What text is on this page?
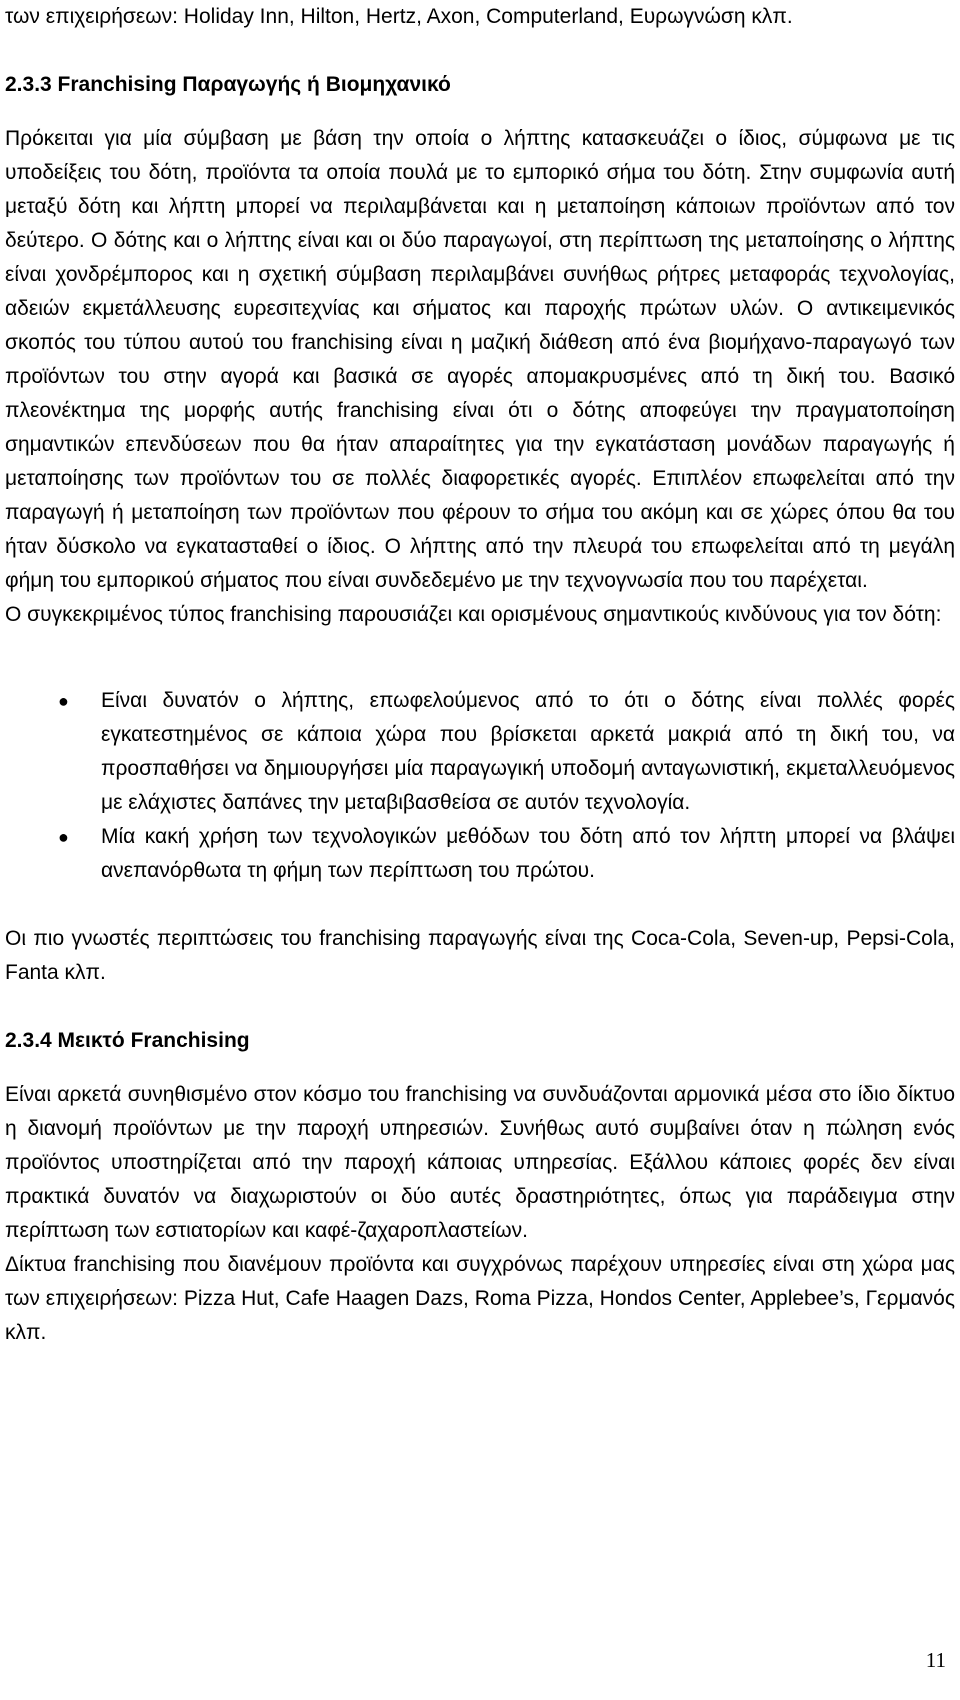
των επιχειρήσεων: Holiday Inn, Hilton, Hertz, Axon, Computerland, Ευρωγνώση κλπ.

2.3.3 Franchising Παραγωγής ή Βιομηχανικό

Πρόκειται για μία σύμβαση με βάση την οποία ο λήπτης κατασκευάζει ο ίδιος, σύμφωνα με τις υποδείξεις του δότη, προϊόντα τα οποία πουλά με το εμπορικό σήμα του δότη. Στην συμφωνία αυτή μεταξύ δότη και λήπτη μπορεί να περιλαμβάνεται και η μεταποίηση κάποιων προϊόντων από τον δεύτερο. Ο δότης και ο λήπτης είναι και οι δύο παραγωγοί, στη περίπτωση της μεταποίησης ο λήπτης είναι χονδρέμπορος και η σχετική σύμβαση περιλαμβάνει συνήθως ρήτρες μεταφοράς τεχνολογίας, αδειών εκμετάλλευσης ευρεσιτεχνίας και σήματος και παροχής πρώτων υλών. Ο αντικειμενικός σκοπός του τύπου αυτού του franchising είναι η μαζική διάθεση από ένα βιομήχανο-παραγωγό των προϊόντων του στην αγορά και βασικά σε αγορές απομακρυσμένες από τη δική του. Βασικό πλεονέκτημα της μορφής αυτής franchising είναι ότι ο δότης αποφεύγει την πραγματοποίηση σημαντικών επενδύσεων που θα ήταν απαραίτητες για την εγκατάσταση μονάδων παραγωγής ή μεταποίησης των προϊόντων του σε πολλές διαφορετικές αγορές. Επιπλέον επωφελείται από την παραγωγή ή μεταποίηση των προϊόντων που φέρουν το σήμα του ακόμη και σε χώρες όπου θα του ήταν δύσκολο να εγκατασταθεί ο ίδιος. Ο λήπτης από την πλευρά του επωφελείται από τη μεγάλη φήμη του εμπορικού σήματος που είναι συνδεδεμένο με την τεχνογνωσία που του παρέχεται.

Ο συγκεκριμένος τύπος franchising παρουσιάζει και ορισμένους σημαντικούς κινδύνους για τον δότη:

● Είναι δυνατόν ο λήπτης, επωφελούμενος από το ότι ο δότης είναι πολλές φορές εγκατεστημένος σε κάποια χώρα που βρίσκεται αρκετά μακριά από τη δική του, να προσπαθήσει να δημιουργήσει μία παραγωγική υποδομή ανταγωνιστική, εκμεταλλευόμενος με ελάχιστες δαπάνες την μεταβιβασθείσα σε αυτόν τεχνολογία.
● Μία κακή χρήση των τεχνολογικών μεθόδων του δότη από τον λήπτη μπορεί να βλάψει ανεπανόρθωτα τη φήμη των περίπτωση του πρώτου.

Οι πιο γνωστές περιπτώσεις του franchising παραγωγής είναι της Coca-Cola, Seven-up, Pepsi-Cola, Fanta κλπ.

2.3.4 Μεικτό Franchising

Είναι αρκετά συνηθισμένο στον κόσμο του franchising να συνδυάζονται αρμονικά μέσα στο ίδιο δίκτυο η διανομή προϊόντων με την παροχή υπηρεσιών. Συνήθως αυτό συμβαίνει όταν η πώληση ενός προϊόντος υποστηρίζεται από την παροχή κάποιας υπηρεσίας. Εξάλλου κάποιες φορές δεν είναι πρακτικά δυνατόν να διαχωριστούν οι δύο αυτές δραστηριότητες, όπως για παράδειγμα στην περίπτωση των εστιατορίων και καφέ-ζαχαροπλαστείων.

Δίκτυα franchising που διανέμουν προϊόντα και συγχρόνως παρέχουν υπηρεσίες είναι στη χώρα μας των επιχειρήσεων: Pizza Hut, Cafe Haagen Dazs, Roma Pizza, Hondos Center, Applebee’s, Γερμανός κλπ.

11
